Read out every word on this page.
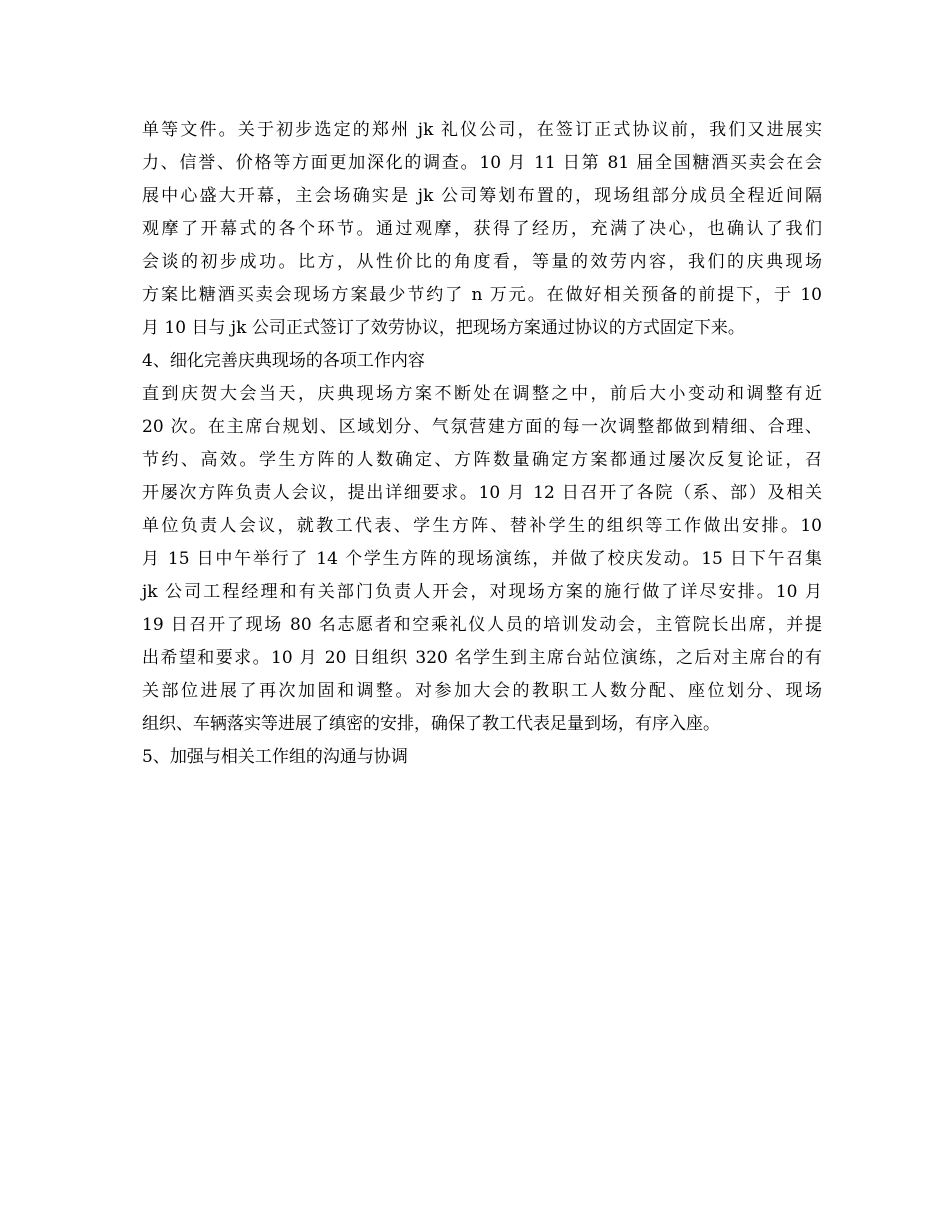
单等文件。关于初步选定的郑州 jk 礼仪公司，在签订正式协议前，我们又进展实
力、信誉、价格等方面更加深化的调查。10 月 11 日第 81 届全国糖酒买卖会在会
展中心盛大开幕，主会场确实是 jk 公司筹划布置的，现场组部分成员全程近间隔
观摩了开幕式的各个环节。通过观摩，获得了经历，充满了决心，也确认了我们
会谈的初步成功。比方，从性价比的角度看，等量的效劳内容，我们的庆典现场
方案比糖酒买卖会现场方案最少节约了 n 万元。在做好相关预备的前提下，于 10
月 10 日与 jk 公司正式签订了效劳协议，把现场方案通过协议的方式固定下来。
4、细化完善庆典现场的各项工作内容
直到庆贺大会当天，庆典现场方案不断处在调整之中，前后大小变动和调整有近
20 次。在主席台规划、区域划分、气氛营建方面的每一次调整都做到精细、合理、
节约、高效。学生方阵的人数确定、方阵数量确定方案都通过屡次反复论证，召
开屡次方阵负责人会议，提出详细要求。10 月 12 日召开了各院（系、部）及相关
单位负责人会议，就教工代表、学生方阵、替补学生的组织等工作做出安排。10
月 15 日中午举行了 14 个学生方阵的现场演练，并做了校庆发动。15 日下午召集
jk 公司工程经理和有关部门负责人开会，对现场方案的施行做了详尽安排。10 月
19 日召开了现场 80 名志愿者和空乘礼仪人员的培训发动会，主管院长出席，并提
出希望和要求。10 月 20 日组织 320 名学生到主席台站位演练，之后对主席台的有
关部位进展了再次加固和调整。对参加大会的教职工人数分配、座位划分、现场
组织、车辆落实等进展了缜密的安排，确保了教工代表足量到场，有序入座。
5、加强与相关工作组的沟通与协调
